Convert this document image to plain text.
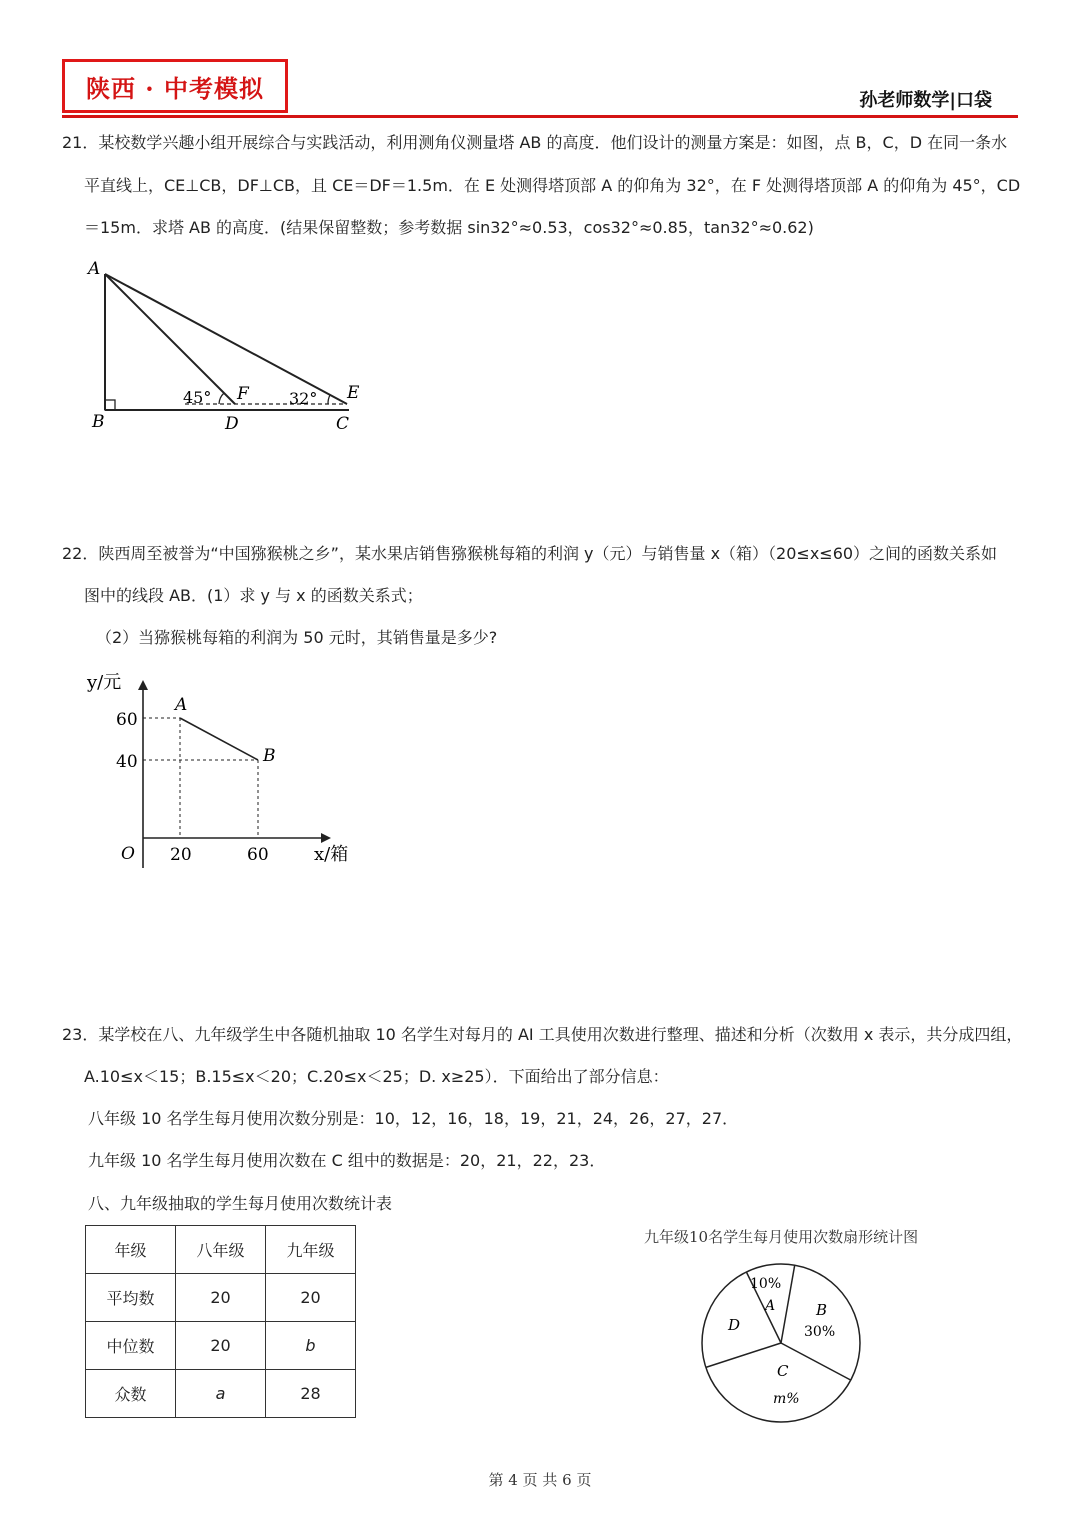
陕西 · 中考模拟	孙老师数学|口袋
21．某校数学兴趣小组开展综合与实践活动，利用测角仪测量塔 AB 的高度．他们设计的测量方案是：如图，点 B，C，D 在同一条水
平直线上，CE⊥CB，DF⊥CB，且 CE＝DF＝1.5m．在 E 处测得塔顶部 A 的仰角为 32°，在 F 处测得塔顶部 A 的仰角为 45°，CD
＝15m．求塔 AB 的高度．(结果保留整数；参考数据 sin32°≈0.53，cos32°≈0.85，tan32°≈0.62)
A
B	D	C
F	E
45°	32°
22．陕西周至被誉为“中国猕猴桃之乡”，某水果店销售猕猴桃每箱的利润 y（元）与销售量 x（箱）（20≤x≤60）之间的函数关系如
图中的线段 AB．(1）求 y 与 x 的函数关系式；
（2）当猕猴桃每箱的利润为 50 元时，其销售量是多少?
y/元
x/箱
O
60
40
20	60
A
B
23．某学校在八、九年级学生中各随机抽取 10 名学生对每月的 AI 工具使用次数进行整理、描述和分析（次数用 x 表示，共分成四组，
A.10≤x＜15；B.15≤x＜20；C.20≤x＜25；D. x≥25）．下面给出了部分信息：
八年级 10 名学生每月使用次数分别是：10，12，16，18，19，21，24，26，27，27．
九年级 10 名学生每月使用次数在 C 组中的数据是：20，21，22，23．
八、九年级抽取的学生每月使用次数统计表
年级	八年级	九年级
平均数	20	20
中位数	20	b
众数	a	28
九年级10名学生每月使用次数扇形统计图
10%
A	B
30%
C
m%
D
第 4 页 共 6 页
